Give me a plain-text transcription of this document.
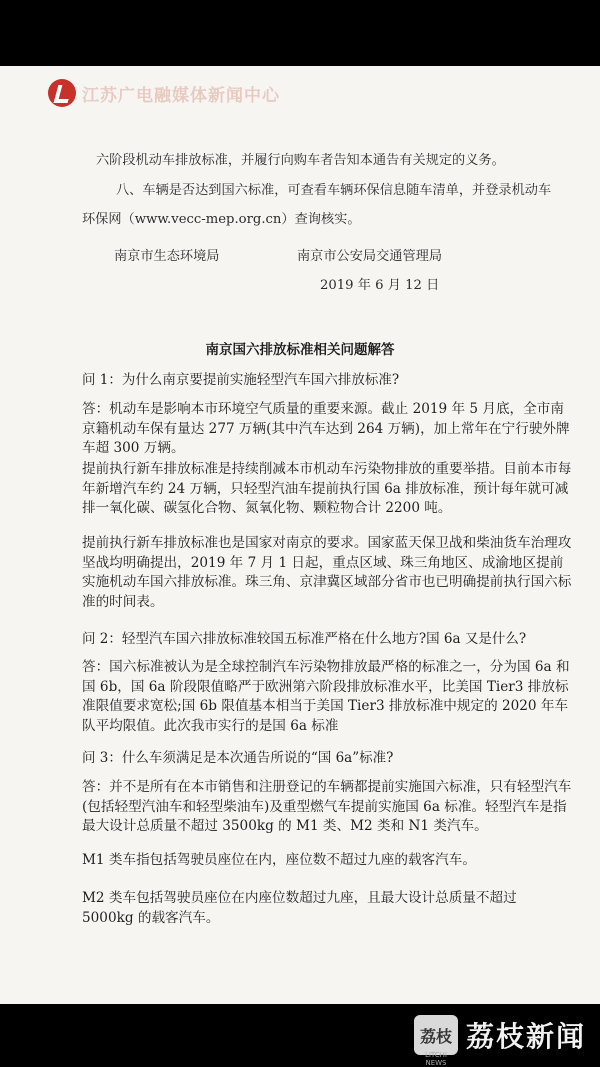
江苏广电融媒体新闻中心
六阶段机动车排放标准，并履行向购车者告知本通告有关规定的义务。
八、车辆是否达到国六标准，可查看车辆环保信息随车清单，并登录机动车
环保网（www.vecc-mep.org.cn）查询核实。
南京市生态环境局	南京市公安局交通管理局
2019 年 6 月 12 日
南京国六排放标准相关问题解答
问 1：为什么南京要提前实施轻型汽车国六排放标准?
答：机动车是影响本市环境空气质量的重要来源。截止 2019 年 5 月底，全市南京籍机动车保有量达 277 万辆(其中汽车达到 264 万辆)，加上常年在宁行驶外牌车超 300 万辆。
提前执行新车排放标准是持续削减本市机动车污染物排放的重要举措。目前本市每年新增汽车约 24 万辆，只轻型汽油车提前执行国 6a 排放标准，预计每年就可减排一氧化碳、碳氢化合物、氮氧化物、颗粒物合计 2200 吨。
提前执行新车排放标准也是国家对南京的要求。国家蓝天保卫战和柴油货车治理攻坚战均明确提出，2019 年 7 月 1 日起，重点区域、珠三角地区、成渝地区提前实施机动车国六排放标准。珠三角、京津冀区域部分省市也已明确提前执行国六标准的时间表。
问 2：轻型汽车国六排放标准较国五标准严格在什么地方?国 6a 又是什么?
答：国六标准被认为是全球控制汽车污染物排放最严格的标准之一，分为国 6a 和国 6b，国 6a 阶段限值略严于欧洲第六阶段排放标准水平，比美国 Tier3 排放标准限值要求宽松;国 6b 限值基本相当于美国 Tier3 排放标准中规定的 2020 年车队平均限值。此次我市实行的是国 6a 标准
问 3：什么车须满足是本次通告所说的“国 6a”标准?
答：并不是所有在本市销售和注册登记的车辆都提前实施国六标准，只有轻型汽车(包括轻型汽油车和轻型柴油车)及重型燃气车提前实施国 6a 标准。轻型汽车是指最大设计总质量不超过 3500kg 的 M1 类、M2 类和 N1 类汽车。
M1 类车指包括驾驶员座位在内，座位数不超过九座的载客汽车。
M2 类车包括驾驶员座位在内座位数超过九座，且最大设计总质量不超过 5000kg 的载客汽车。
荔枝
LITCHI NEWS
荔枝新闻
